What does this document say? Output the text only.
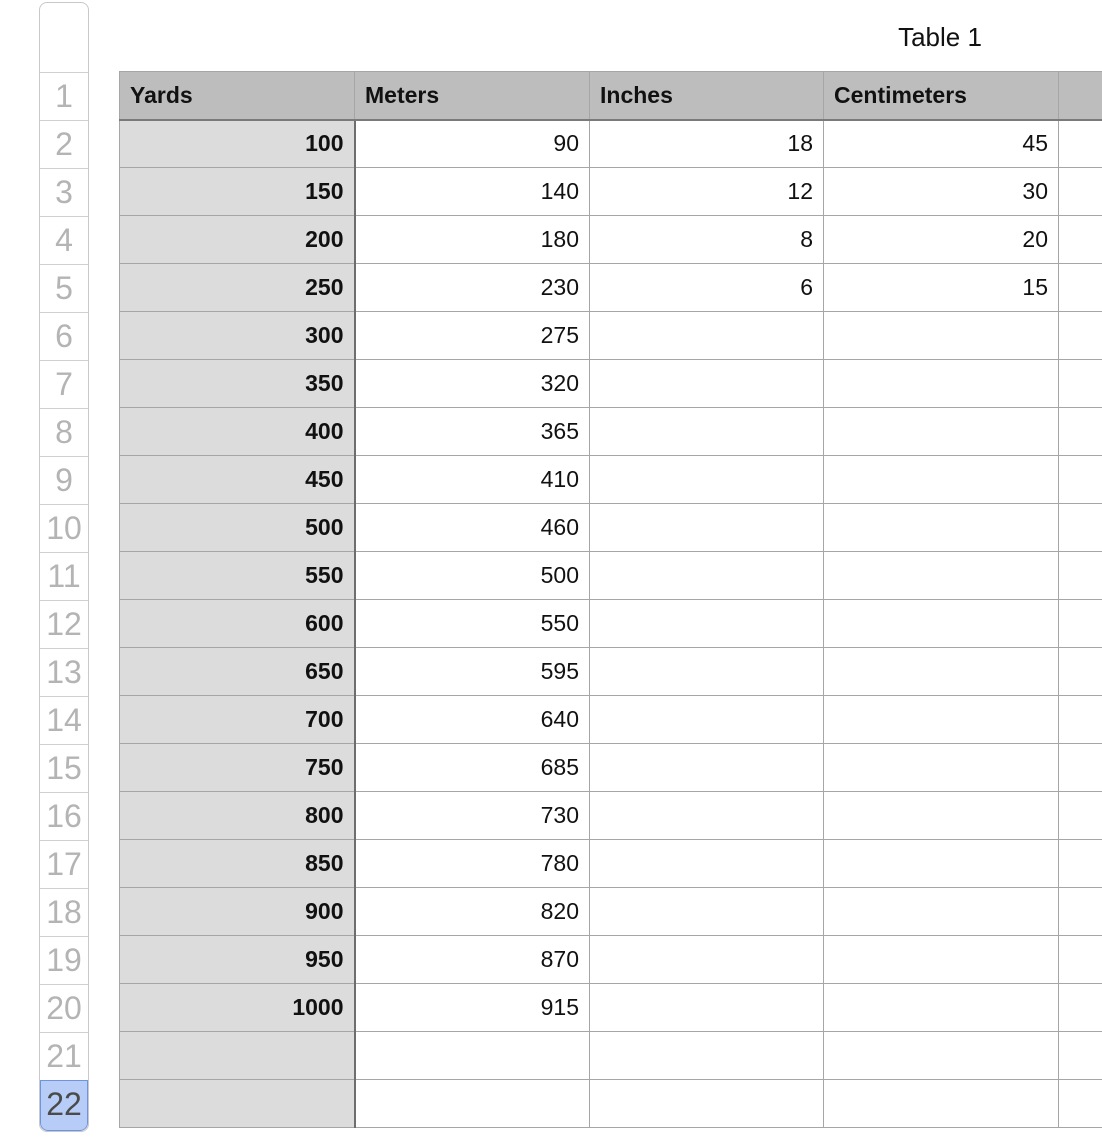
1
2
3
4
5
6
7
8
9
10
11
12
13
14
15
16
17
18
19
20
21
22
Table 1
Yards	Meters	Inches	Centimeters	
100	90	18	45	
150	140	12	30	
200	180	8	20	
250	230	6	15	
300	275			
350	320			
400	365			
450	410			
500	460			
550	500			
600	550			
650	595			
700	640			
750	685			
800	730			
850	780			
900	820			
950	870			
1000	915			
